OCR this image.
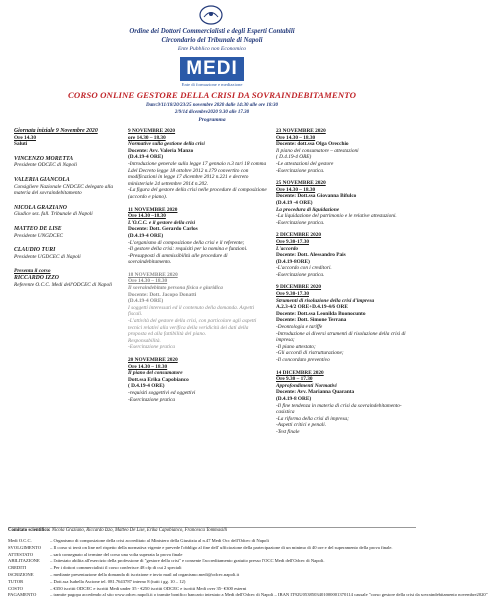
Ordine dei Dottori Commercialisti e degli Esperti Contabili
Circondario del Tribunale di Napoli
Ente Pubblico non Economico
MEDI
Ente di formazione e mediazione
CORSO ONLINE GESTORE DELLA CRISI DA SOVRAINDEBITAMENTO
Date:9/11/18/20/23/25 novembre 2020 dalle 14:30 alle ore 18:30
2/9/14 dicembre2020 9.30 alle 17.30
Programma
Giornata iniziale 9 Novembre 2020
Ore 14.30
Saluti
VINCENZO MORETTA
Presidente ODCEC di Napoli
VALERIA GIANCOLA
Consigliere Nazionale CNDCEC delegato alla materia del sovraindebitamento
NICOLA GRAZIANO
Giudice sez. fall. Tribunale di Napoli
MATTEO DE LISE
Presidente UNGDCEC
CLAUDIO TURI
Presidente UGDCEC di Napoli
Presenta il corso
RICCARDO IZZO
Referente O.C.C. Medi dell'ODCEC di Napoli
9 NOVEMBRE 2020
ore 14.30 – 18.30
Normative sulla gestione della crisi
Docente: Avv. Valeria Manzo
(D.4.19-4 ORE)
-Introduzione generale sulla legge 17 gennaio n.3 tari 18 comma Ldel Decreto legge 18 ottobre 2012 n.179 convertito con modificazioni in legge 17 dicembre 2012 n.221 e decreto ministeriale 24 settembre 2014 n.202.
-La figura del gestore della crisi nelle procedure di composizione (accordo e piano).
11 NOVEMBRE 2020
Ore 14.30 –18.30
L'O.C.C. e il gestore della crisi
Docente: Dott. Gerardo Carlos
(D.4.19-4 ORE)
-L'organismo di composizione della crisi e il referente;
-Il gestore della crisi: requisiti per la nomina e funzioni.
-Presupposti di ammissibilità alle procedure di sovraindebitamento.
18 NOVEMBRE 2020
Ore 14.30 – 18.30
Il sovraindebitato persona fisica e giuridica
Docente: Dott. Jacopo Donatti
(D.4.19-4 ORE)
I soggetti interessati ed il contenuto della domanda. Aspetti fiscali.
-L'attività del gestore della crisi, con particolare agli aspetti tecnici relativi alla verifica della veridicità dei dati della proposta ed alla fattibilità del piano.
Responsabilità.
-Esercitazione pratica
20 NOVEMBRE 2020
Ore 14.30 – 18.30
Il piano del consumatore
Dott.ssa Erika Capobianco
( D.4.19-4 ORE)
-requisiti soggettivi ed oggettivi
-Esercitazione pratica
23 NOVEMBRE 2020
Ore 14.30 – 18.30
Docente: dott.ssa Olga Orecchio
Il piano del consumatore – attestazioni
( D.4.19-4 ORE)
-Le attestazioni del gestore
-Esercitazione pratica.
25 NOVEMBRE 2020
Ore 14.30 – 18.30
Docente: Dott.ssa Giovanna Bifulco
(D.4.19 -4 ORE)
La procedura di liquidazione
-La liquidazione del patrimonio e le relative attestazioni.
-Esercitazione pratica.
2 DICEMBRE 2020
Ore 9.30-17.30
L'accordo
Docente: Dott. Alessandro Pais
(D.4.19-8ORE)
-L'accordo con i creditori.
-Esercitazione pratica.
9 DICEMBRE 2020
Ore 9.30-17.30
Strumenti di risoluzione della crisi d'impresa
A.2.3-4/2 ORE+D.4.19-4/6 ORE
Docente: Dott.ssa Leonilda Buonocunto
Docente: Dott. Simone Terrana
-Deontologia e tariffe
-Introduzione ai diversi strumenti di risoluzione della crisi di impresa;
-Il piano attestato;
-Gli accordi di ristrutturazione;
-Il concordato preventivo
14 DICEMBRE 2020
Ore 9.30 – 17.30
Approfondimenti Normativi
Docente: Avv. Marianna Quaranta
(D.4.19-8 ORE)
-Il fine tendenza in materia di crisi da sovraindebitamento-casistica
-La riforma della crisi di impresa;
-Aspetti critici e penali.
-Test finale
Comitato scientifico: Nicola Graziano, Riccardo Izzo, Matteo De Lise, Erika Capobianco, Francesca Tommasilli
Medi O.C.C.	– Organismo di composizione della crisi accreditato al Ministero della Giustizia al n.47 Medi Occ dell'Odcec di Napoli
SVOLGIMENTO	– Il corso si terrà on line nel rispetto della normativa vigente e prevede l'obbligo al fine dell' ufficiozione della partecipazione di un minimo di 40 ore e del superamento della prova finale.
ATTESTATO	– sarà consegnato al termine del corso una volta superata la prova finale
ABILITAZIONE	– l'attestato abilita all'esercizio della professione di "gestore della crisi" e consente l'accreditamento gratuito presso l'OCC Medi dell'Odcec di Napoli.
CREDITI	– Per i dottori commercialisti il corso conferisce 48 cfp di cui 2 speciali
ISCRIZIONE	– mediante presentazione della domanda di iscrizione e invio mail ad organismo.medi@odcec.napoli.it
TUTOR	– Dott.ssa Isabella Ascione tel. 081.7643787 interno 8 (tutti i gg. 10 – 12)
COSTO	– €350 iscritti ODCEC e iscritti Medi under 35 - €250 iscritti ODCEC e iscritti Medi over 35- €300 esterni
PAGAMENTO	– tramite pagopa accedendo al sito www.odcec.napoli.it o tramite bonifico bancario intestato a Medi dell'Odcec di Napoli – IBAN IT92U0538503401000001370114 causale "corso gestore della crisi da sovraindebitamento novembre2020"
